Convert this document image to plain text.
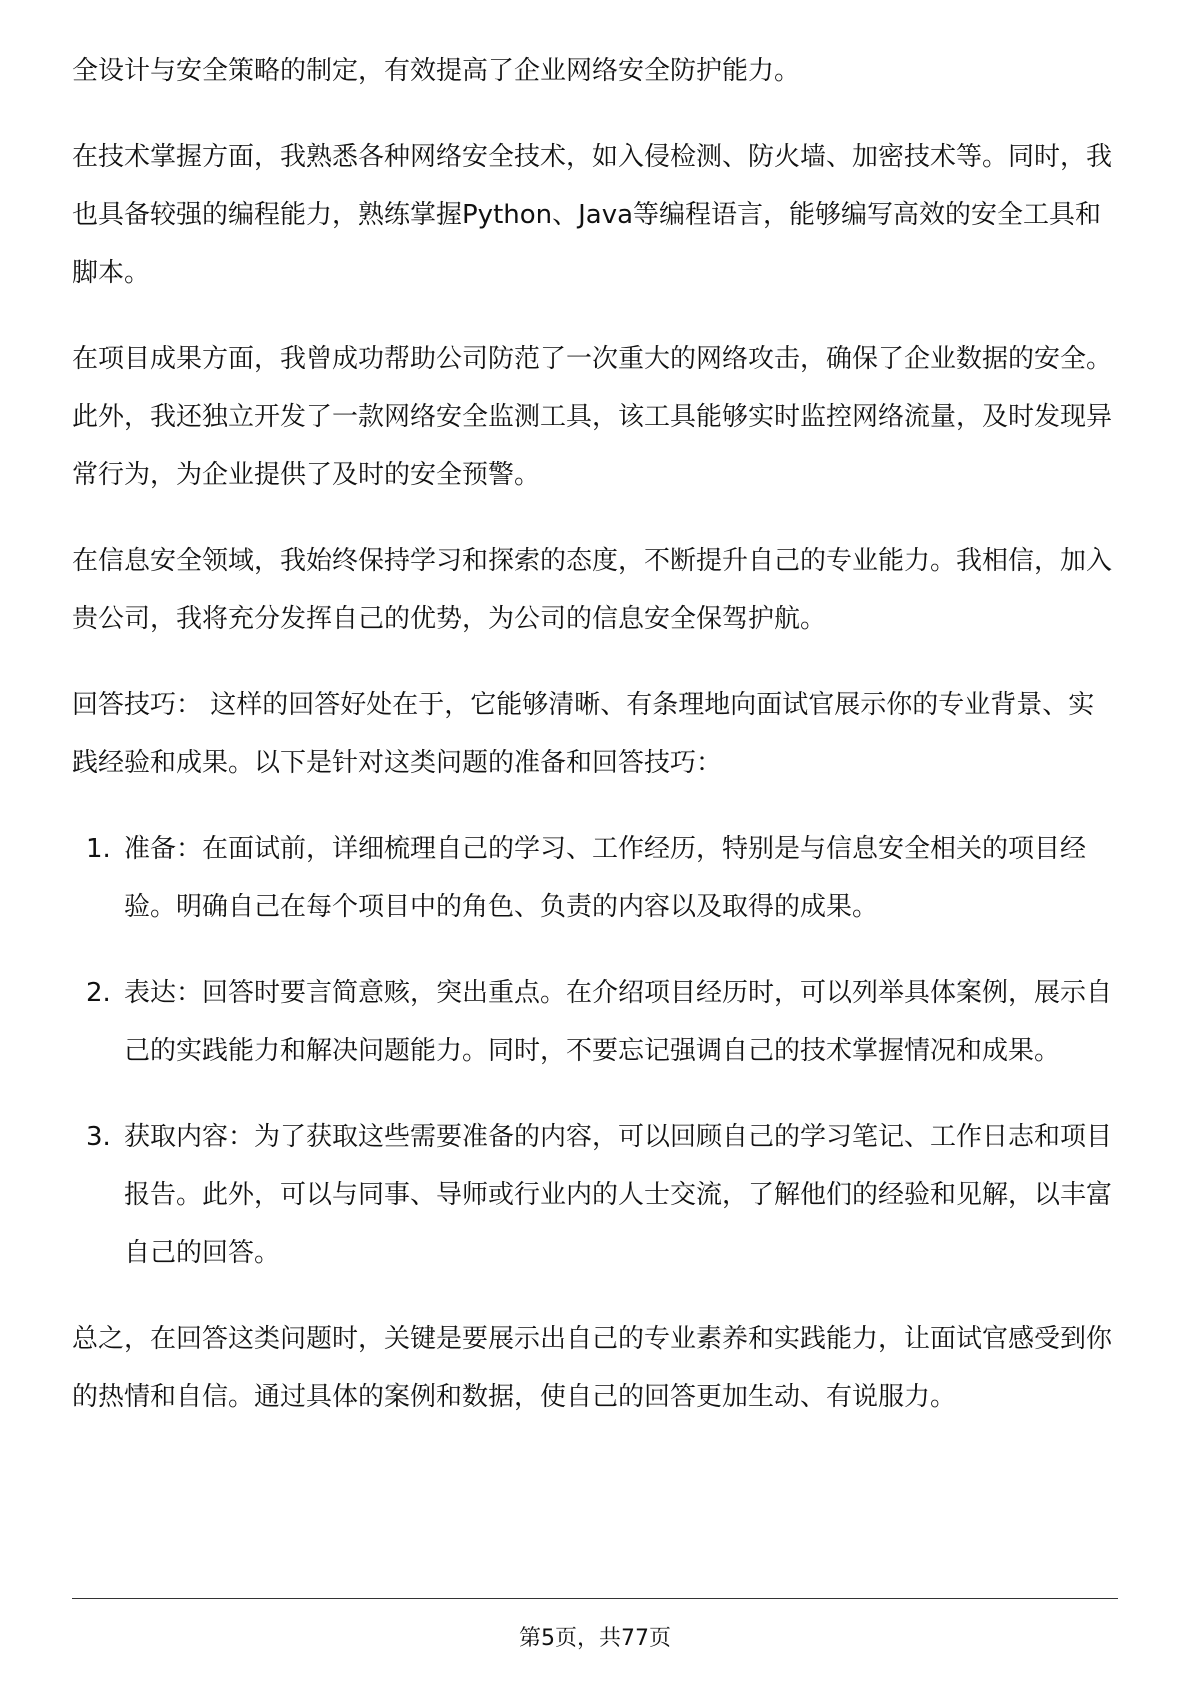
全设计与安全策略的制定，有效提高了企业网络安全防护能力。

在技术掌握方面，我熟悉各种网络安全技术，如入侵检测、防火墙、加密技术等。同时，我也具备较强的编程能力，熟练掌握Python、Java等编程语言，能够编写高效的安全工具和脚本。

在项目成果方面，我曾成功帮助公司防范了一次重大的网络攻击，确保了企业数据的安全。此外，我还独立开发了一款网络安全监测工具，该工具能够实时监控网络流量，及时发现异常行为，为企业提供了及时的安全预警。

在信息安全领域，我始终保持学习和探索的态度，不断提升自己的专业能力。我相信，加入贵公司，我将充分发挥自己的优势，为公司的信息安全保驾护航。

回答技巧： 这样的回答好处在于，它能够清晰、有条理地向面试官展示你的专业背景、实践经验和成果。以下是针对这类问题的准备和回答技巧：

1. 准备：在面试前，详细梳理自己的学习、工作经历，特别是与信息安全相关的项目经验。明确自己在每个项目中的角色、负责的内容以及取得的成果。
2. 表达：回答时要言简意赅，突出重点。在介绍项目经历时，可以列举具体案例，展示自己的实践能力和解决问题能力。同时，不要忘记强调自己的技术掌握情况和成果。
3. 获取内容：为了获取这些需要准备的内容，可以回顾自己的学习笔记、工作日志和项目报告。此外，可以与同事、导师或行业内的人士交流，了解他们的经验和见解，以丰富自己的回答。

总之，在回答这类问题时，关键是要展示出自己的专业素养和实践能力，让面试官感受到你的热情和自信。通过具体的案例和数据，使自己的回答更加生动、有说服力。

第5页，共77页
